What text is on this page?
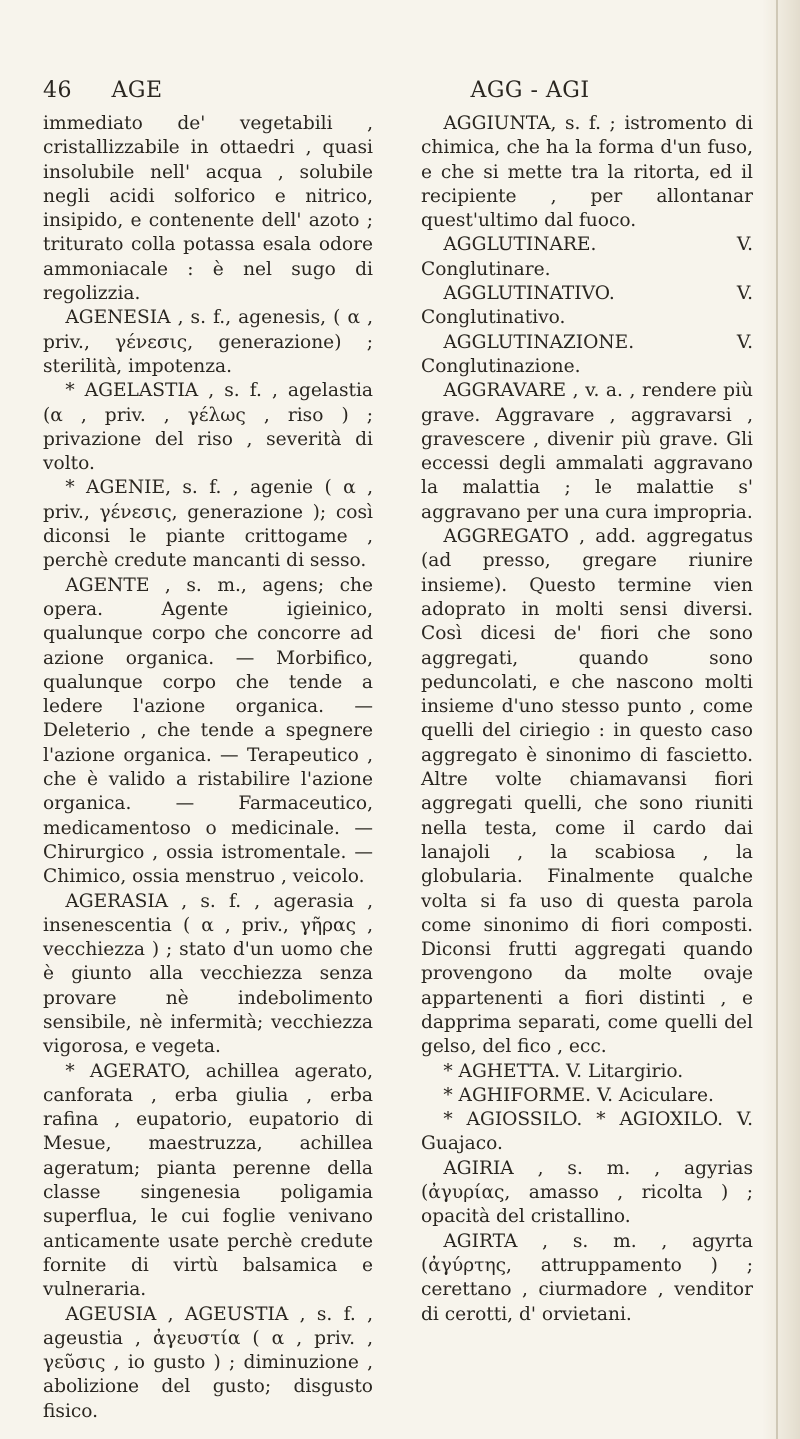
46 AGE	AGG - AGI

immediato de' vegetabili , cristallizzabile in ottaedri , quasi insolubile nell' acqua , solubile negli acidi solforico e nitrico, insipido, e contenente dell' azoto ; triturato colla potassa esala odore ammoniacale : è nel sugo di regolizzia.

AGENESIA , s. f., agenesis, ( α , priv., γένεσις, generazione) ; sterilità, impotenza.

* AGELASTIA , s. f. , agelastia (α , priv. , γέλως , riso ) ; privazione del riso , severità di volto.

* AGENIE, s. f. , agenie ( α , priv., γένεσις, generazione ); così diconsi le piante crittogame , perchè credute mancanti di sesso.

AGENTE , s. m., agens; che opera. Agente igieinico, qualunque corpo che concorre ad azione organica. — Morbifico, qualunque corpo che tende a ledere l'azione organica. — Deleterio , che tende a spegnere l'azione organica. — Terapeutico , che è valido a ristabilire l'azione organica. — Farmaceutico, medicamentoso o medicinale. — Chirurgico , ossia istromentale. — Chimico, ossia menstruo , veicolo.

AGERASIA , s. f. , agerasia , insenescentia ( α , priv., γῆρας , vecchiezza ) ; stato d'un uomo che è giunto alla vecchiezza senza provare nè indebolimento sensibile, nè infermità; vecchiezza vigorosa, e vegeta.

* AGERATO, achillea agerato, canforata , erba giulia , erba rafina , eupatorio, eupatorio di Mesue, maestruzza, achillea ageratum; pianta perenne della classe singenesia poligamia superflua, le cui foglie venivano anticamente usate perchè credute fornite di virtù balsamica e vulneraria.

AGEUSIA , AGEUSTIA , s. f. , ageustia , ἀγευστία ( α , priv. , γεῦσις , io gusto ) ; diminuzione , abolizione del gusto; disgusto fisico.

AGGIUNTA, s. f. ; istromento di chimica, che ha la forma d'un fuso, e che si mette tra la ritorta, ed il recipiente , per allontanar quest'ultimo dal fuoco.

AGGLUTINARE. V. Conglutinare.

AGGLUTINATIVO. V. Conglutinativo.

AGGLUTINAZIONE. V. Conglutinazione.

AGGRAVARE , v. a. , rendere più grave. Aggravare , aggravarsi , gravescere , divenir più grave. Gli eccessi degli ammalati aggravano la malattia ; le malattie s' aggravano per una cura impropria.

AGGREGATO , add. aggregatus (ad presso, gregare riunire insieme). Questo termine vien adoprato in molti sensi diversi. Così dicesi de' fiori che sono aggregati, quando sono peduncolati, e che nascono molti insieme d'uno stesso punto , come quelli del ciriegio : in questo caso aggregato è sinonimo di fascietto. Altre volte chiamavansi fiori aggregati quelli, che sono riuniti nella testa, come il cardo dai lanajoli , la scabiosa , la globularia. Finalmente qualche volta si fa uso di questa parola come sinonimo di fiori composti. Diconsi frutti aggregati quando provengono da molte ovaje appartenenti a fiori distinti , e dapprima separati, come quelli del gelso, del fico , ecc.

* AGHETTA. V. Litargirio.

* AGHIFORME. V. Aciculare.

* AGIOSSILO. * AGIOXILO. V. Guajaco.

AGIRIA , s. m. , agyrias (ἀγυρίας, amasso , ricolta ) ; opacità del cristallino.

AGIRTA , s. m. , agyrta (ἀγύρτης, attruppamento ) ; cerettano , ciurmadore , venditor di cerotti, d' orvietani.
